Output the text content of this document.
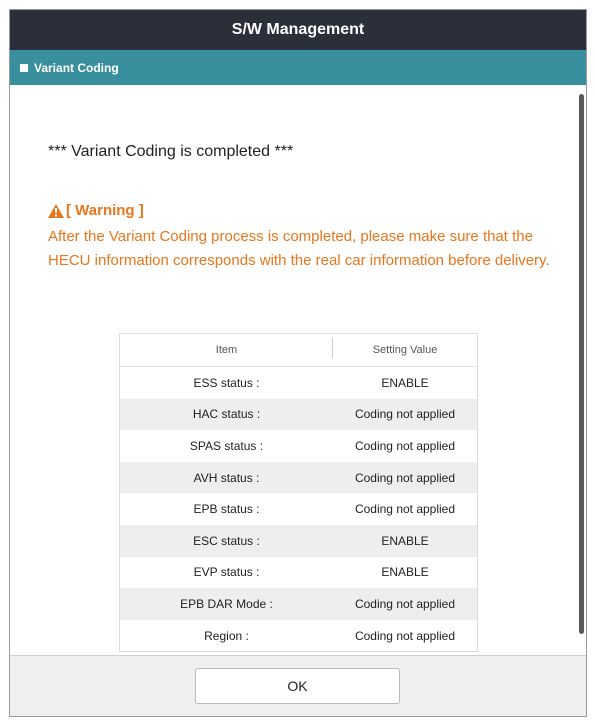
S/W Management
Variant Coding
*** Variant Coding is completed ***
[ Warning ]
After the Variant Coding process is completed, please make sure that the HECU information corresponds with the real car information before delivery.
Item	Setting Value
ESS status :	ENABLE
HAC status :	Coding not applied
SPAS status :	Coding not applied
AVH status :	Coding not applied
EPB status :	Coding not applied
ESC status :	ENABLE
EVP status :	ENABLE
EPB DAR Mode :	Coding not applied
Region :	Coding not applied
OK
